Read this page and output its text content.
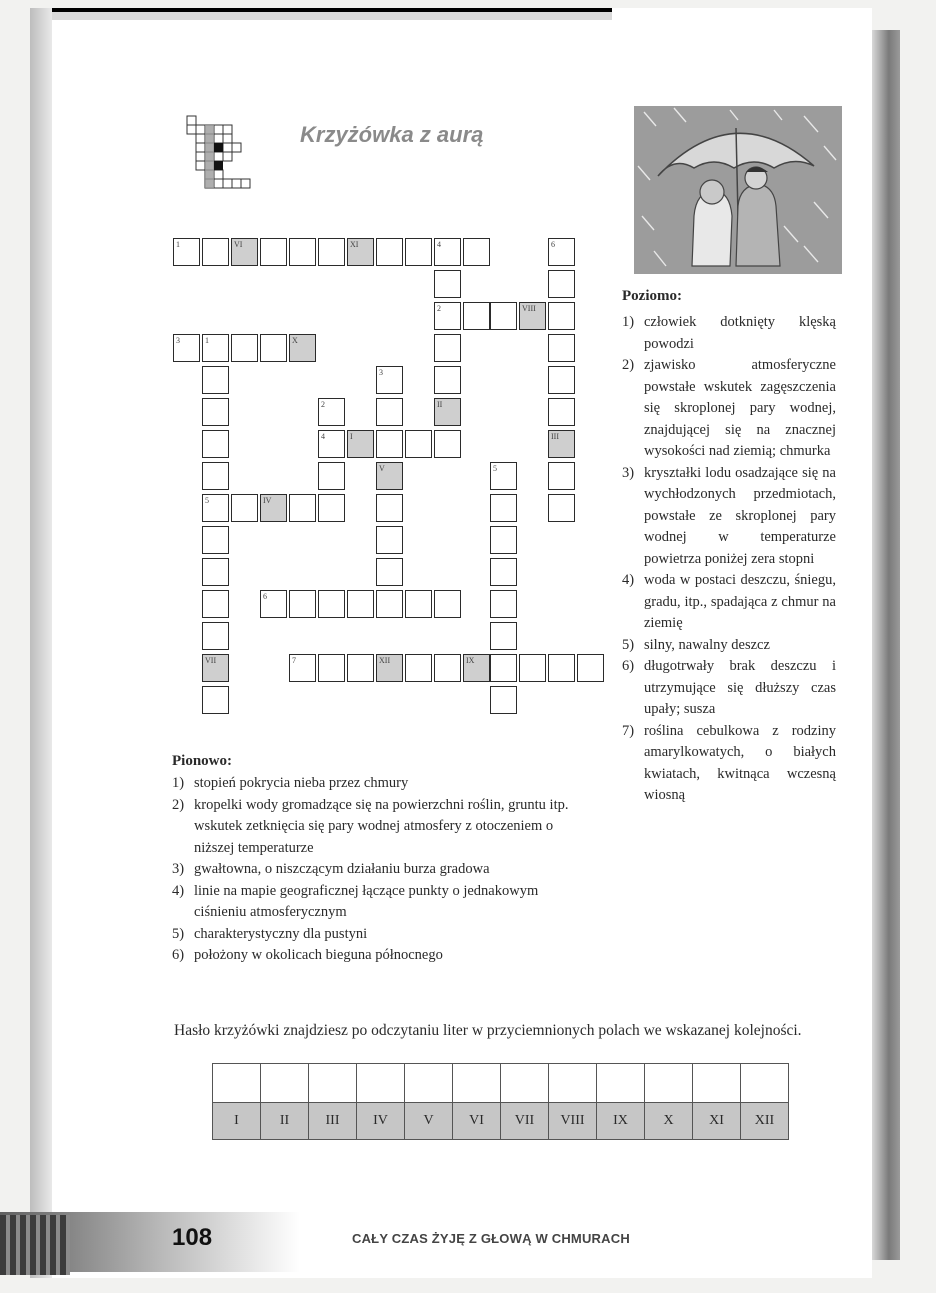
Krzyżówka z aurą
1	VI	XI	4	6
2
II
VIII
III
3	1	X
5
VII
IV
2
4	I
3
V
6
5
7	XII	IX
Poziomo:
1) człowiek dotknięty klęską powodzi
2) zjawisko atmosferyczne powstałe wskutek zagęszczenia się skroplonej pary wodnej, znajdującej się na znacznej wysokości nad ziemią; chmurka
3) kryształki lodu osadzające się na wychłodzonych przedmiotach, powstałe ze skroplonej pary wodnej w temperaturze powietrza poniżej zera stopni
4) woda w postaci deszczu, śniegu, gradu, itp., spadająca z chmur na ziemię
5) silny, nawalny deszcz
6) długotrwały brak deszczu i utrzymujące się dłuższy czas upały; susza
7) roślina cebulkowa z rodziny amarylkowatych, o białych kwiatach, kwitnąca wczesną wiosną
Pionowo:
1) stopień pokrycia nieba przez chmury
2) kropelki wody gromadzące się na powierzchni roślin, gruntu itp. wskutek zetknięcia się pary wodnej atmosfery z otoczeniem o niższej temperaturze
3) gwałtowna, o niszczącym działaniu burza gradowa
4) linie na mapie geograficznej łączące punkty o jednakowym ciśnieniu atmosferycznym
5) charakterystyczny dla pustyni
6) położony w okolicach bieguna północnego
Hasło krzyżówki znajdziesz po odczytaniu liter w przyciemnionych polach we wskazanej kolejności.

I	II	III	IV	V	VI	VII	VIII	IX	X	XI	XII
108	CAŁY CZAS ŻYJĘ Z GŁOWĄ W CHMURACH
